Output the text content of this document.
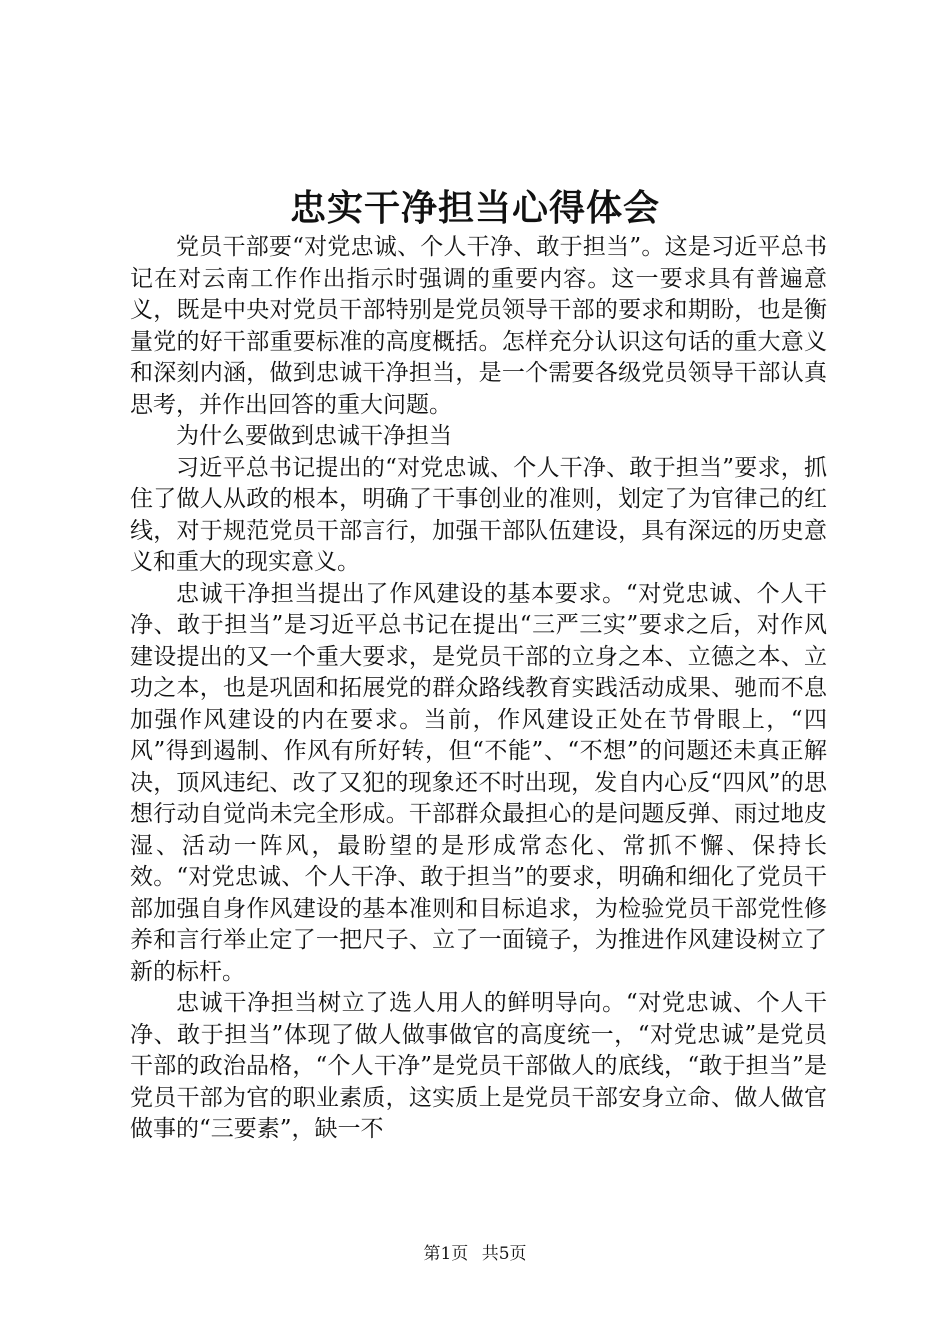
忠实干净担当心得体会

党员干部要“对党忠诚、个人干净、敢于担当”。这是习近平总书记在对云南工作作出指示时强调的重要内容。这一要求具有普遍意义，既是中央对党员干部特别是党员领导干部的要求和期盼，也是衡量党的好干部重要标准的高度概括。怎样充分认识这句话的重大意义和深刻内涵，做到忠诚干净担当，是一个需要各级党员领导干部认真思考，并作出回答的重大问题。

为什么要做到忠诚干净担当

习近平总书记提出的“对党忠诚、个人干净、敢于担当”要求，抓住了做人从政的根本，明确了干事创业的准则，划定了为官律己的红线，对于规范党员干部言行，加强干部队伍建设，具有深远的历史意义和重大的现实意义。

忠诚干净担当提出了作风建设的基本要求。“对党忠诚、个人干净、敢于担当”是习近平总书记在提出“三严三实”要求之后，对作风建设提出的又一个重大要求，是党员干部的立身之本、立德之本、立功之本，也是巩固和拓展党的群众路线教育实践活动成果、驰而不息加强作风建设的内在要求。当前，作风建设正处在节骨眼上，“四风”得到遏制、作风有所好转，但“不能”、“不想”的问题还未真正解决，顶风违纪、改了又犯的现象还不时出现，发自内心反“四风”的思想行动自觉尚未完全形成。干部群众最担心的是问题反弹、雨过地皮湿、活动一阵风，最盼望的是形成常态化、常抓不懈、保持长效。“对党忠诚、个人干净、敢于担当”的要求，明确和细化了党员干部加强自身作风建设的基本准则和目标追求，为检验党员干部党性修养和言行举止定了一把尺子、立了一面镜子，为推进作风建设树立了新的标杆。

忠诚干净担当树立了选人用人的鲜明导向。“对党忠诚、个人干净、敢于担当”体现了做人做事做官的高度统一，“对党忠诚”是党员干部的政治品格，“个人干净”是党员干部做人的底线，“敢于担当”是党员干部为官的职业素质，这实质上是党员干部安身立命、做人做官做事的“三要素”，缺一不

第1页 共5页
